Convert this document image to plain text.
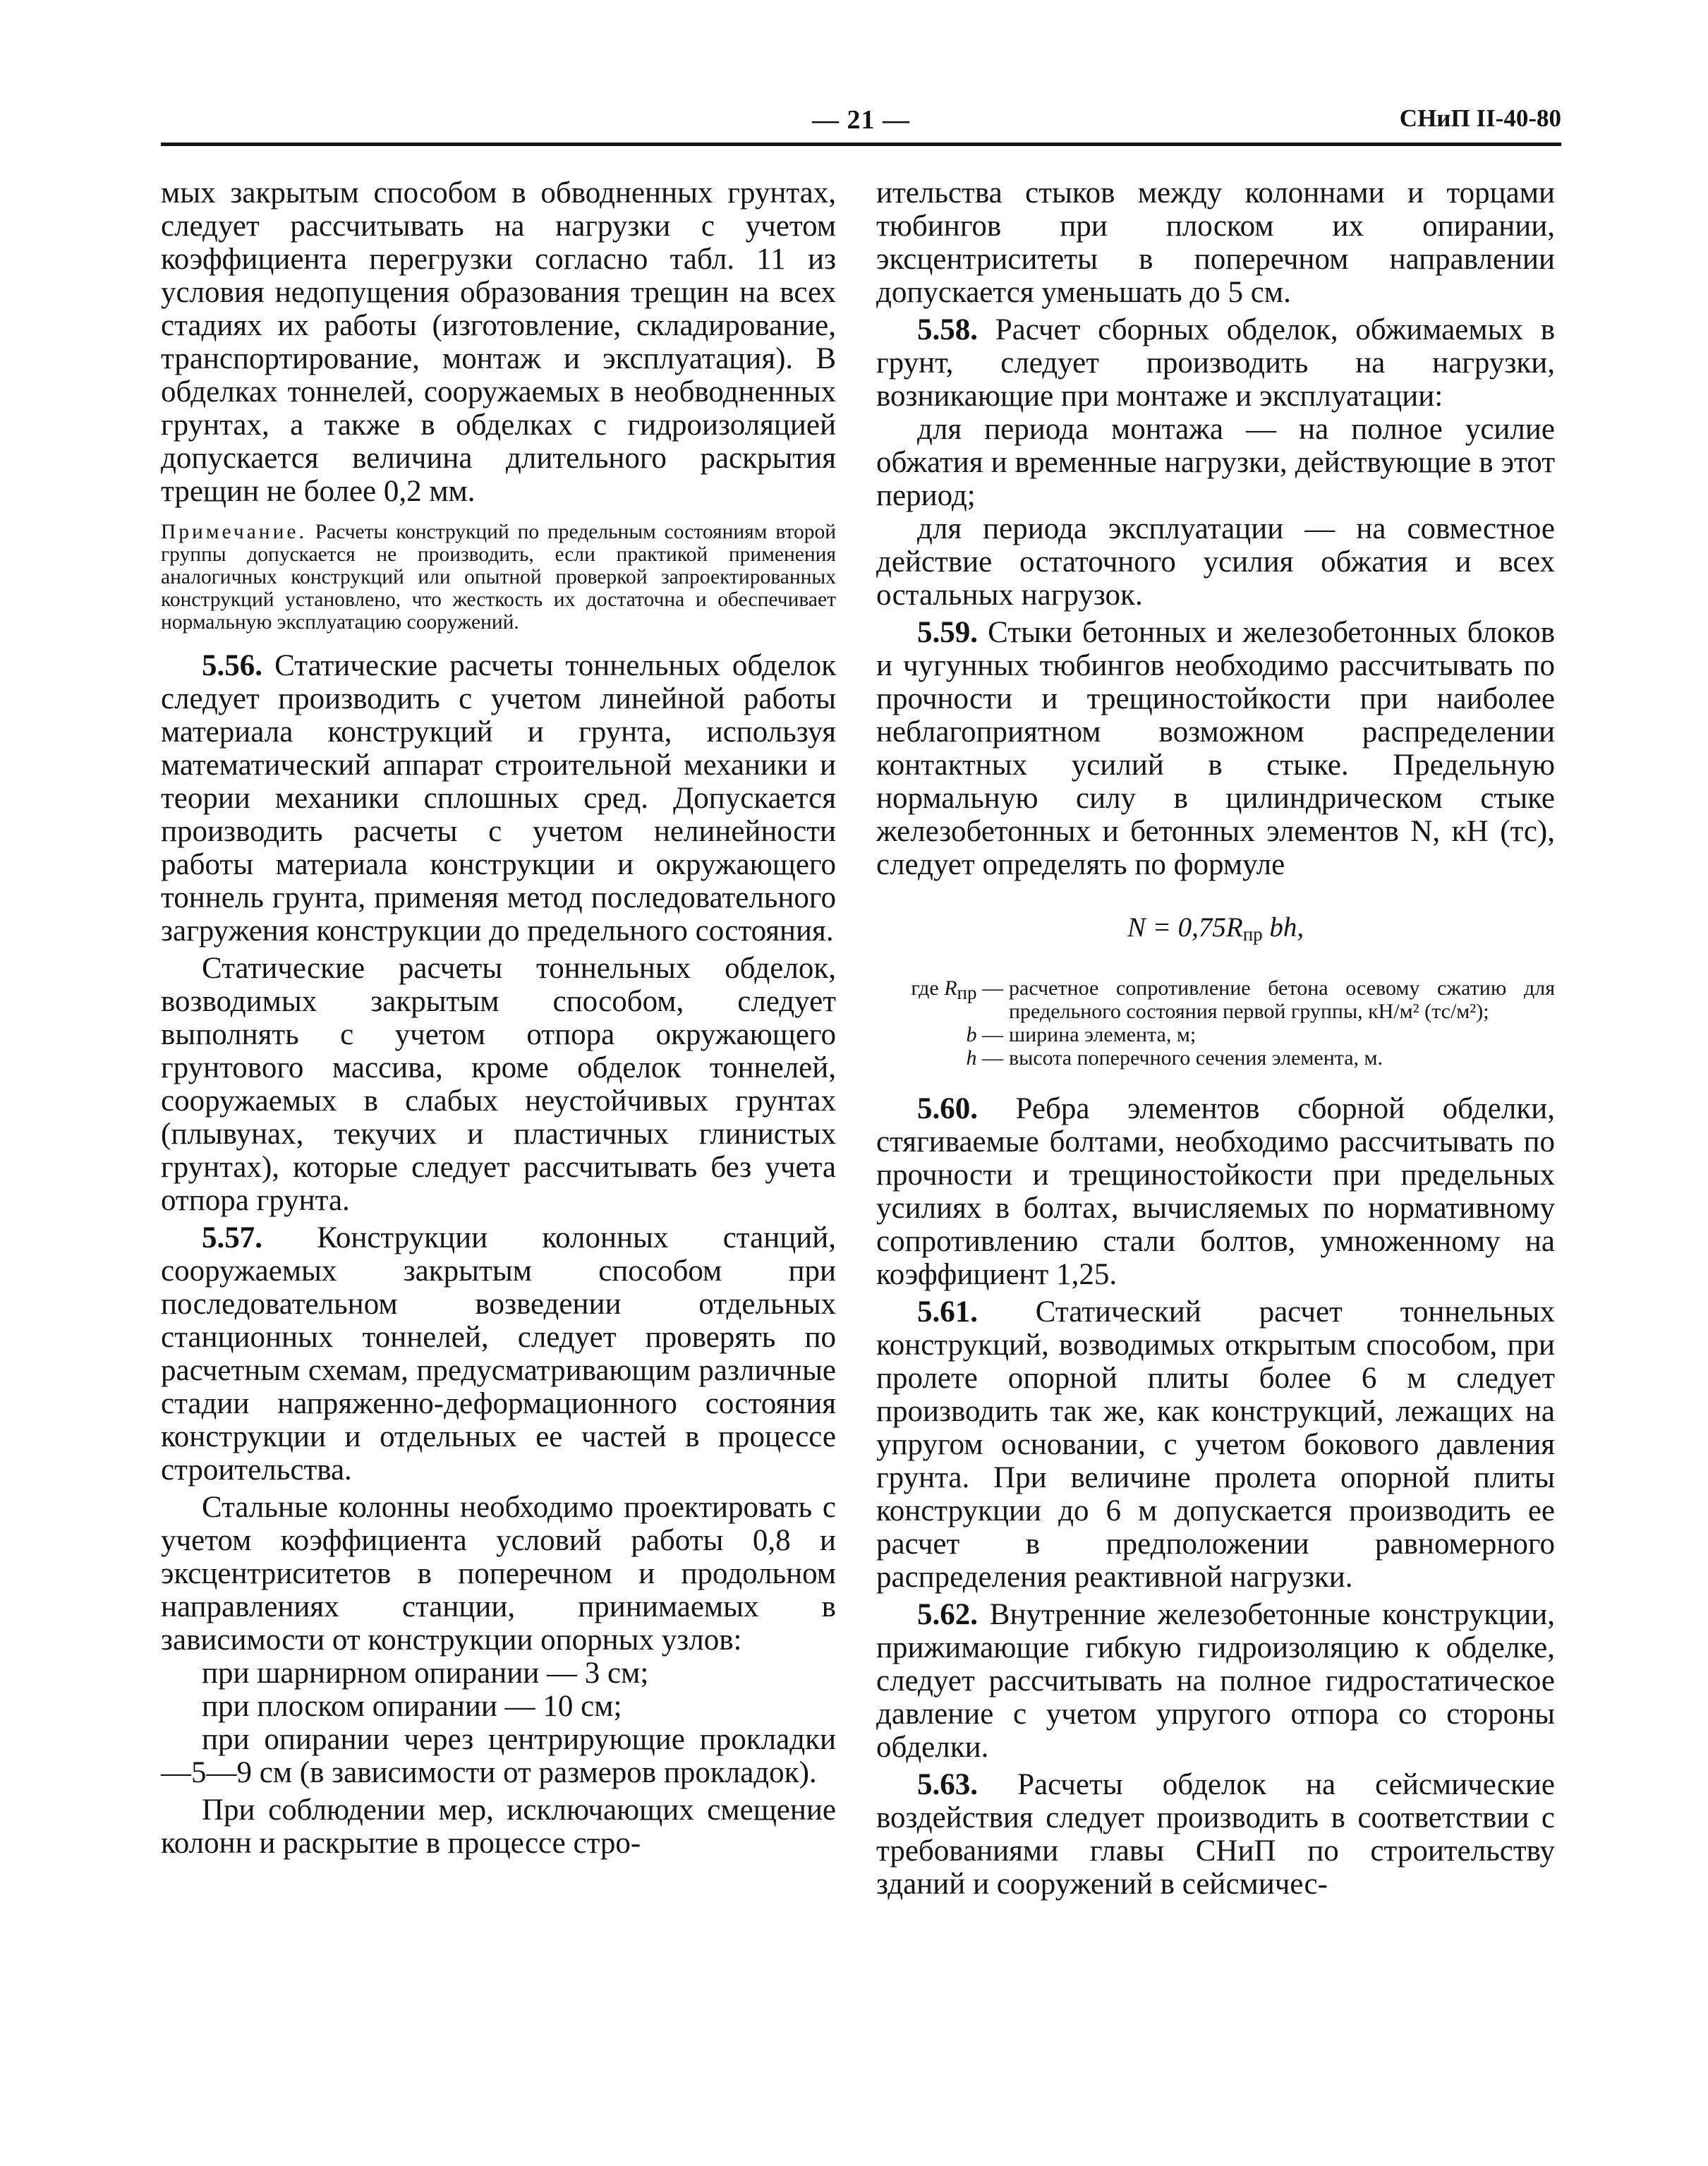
— 21 —	СНиП II-40-80

мых закрытым способом в обводненных грунтах, следует рассчитывать на нагрузки с учетом коэффициента перегрузки согласно табл. 11 из условия недопущения образования трещин на всех стадиях их работы (изготовление, складирование, транспортирование, монтаж и эксплуатация). В обделках тоннелей, сооружаемых в необводненных грунтах, а также в обделках с гидроизоляцией допускается величина длительного раскрытия трещин не более 0,2 мм.

Примечание. Расчеты конструкций по предельным состояниям второй группы допускается не производить, если практикой применения аналогичных конструкций или опытной проверкой запроектированных конструкций установлено, что жесткость их достаточна и обеспечивает нормальную эксплуатацию сооружений.

5.56. Статические расчеты тоннельных обделок следует производить с учетом линейной работы материала конструкций и грунта, используя математический аппарат строительной механики и теории механики сплошных сред. Допускается производить расчеты с учетом нелинейности работы материала конструкции и окружающего тоннель грунта, применяя метод последовательного загружения конструкции до предельного состояния.

Статические расчеты тоннельных обделок, возводимых закрытым способом, следует выполнять с учетом отпора окружающего грунтового массива, кроме обделок тоннелей, сооружаемых в слабых неустойчивых грунтах (плывунах, текучих и пластичных глинистых грунтах), которые следует рассчитывать без учета отпора грунта.

5.57. Конструкции колонных станций, сооружаемых закрытым способом при последовательном возведении отдельных станционных тоннелей, следует проверять по расчетным схемам, предусматривающим различные стадии напряженно-деформационного состояния конструкции и отдельных ее частей в процессе строительства.

Стальные колонны необходимо проектировать с учетом коэффициента условий работы 0,8 и эксцентриситетов в поперечном и продольном направлениях станции, принимаемых в зависимости от конструкции опорных узлов:

при шарнирном опирании — 3 см;

при плоском опирании — 10 см;

при опирании через центрирующие прокладки —5—9 см (в зависимости от размеров прокладок).

При соблюдении мер, исключающих смещение колонн и раскрытие в процессе стро-

ительства стыков между колоннами и торцами тюбингов при плоском их опирании, эксцентриситеты в поперечном направлении допускается уменьшать до 5 см.

5.58. Расчет сборных обделок, обжимаемых в грунт, следует производить на нагрузки, возникающие при монтаже и эксплуатации:

для периода монтажа — на полное усилие обжатия и временные нагрузки, действующие в этот период;

для периода эксплуатации — на совместное действие остаточного усилия обжатия и всех остальных нагрузок.

5.59. Стыки бетонных и железобетонных блоков и чугунных тюбингов необходимо рассчитывать по прочности и трещиностойкости при наиболее неблагоприятном возможном распределении контактных усилий в стыке. Предельную нормальную силу в цилиндрическом стыке железобетонных и бетонных элементов N, кН (тс), следует определять по формуле

$N = 0,75R_{пр}$ bh,
где Rпр — расчетное сопротивление бетона осевому сжатию для предельного состояния первой группы, кН/м² (тс/м²);
b — ширина элемента, м;
h — высота поперечного сечения элемента, м.

5.60. Ребра элементов сборной обделки, стягиваемые болтами, необходимо рассчитывать по прочности и трещиностойкости при предельных усилиях в болтах, вычисляемых по нормативному сопротивлению стали болтов, умноженному на коэффициент 1,25.

5.61. Статический расчет тоннельных конструкций, возводимых открытым способом, при пролете опорной плиты более 6 м следует производить так же, как конструкций, лежащих на упругом основании, с учетом бокового давления грунта. При величине пролета опорной плиты конструкции до 6 м допускается производить ее расчет в предположении равномерного распределения реактивной нагрузки.

5.62. Внутренние железобетонные конструкции, прижимающие гибкую гидроизоляцию к обделке, следует рассчитывать на полное гидростатическое давление с учетом упругого отпора со стороны обделки.

5.63. Расчеты обделок на сейсмические воздействия следует производить в соответствии с требованиями главы СНиП по строительству зданий и сооружений в сейсмичес-
